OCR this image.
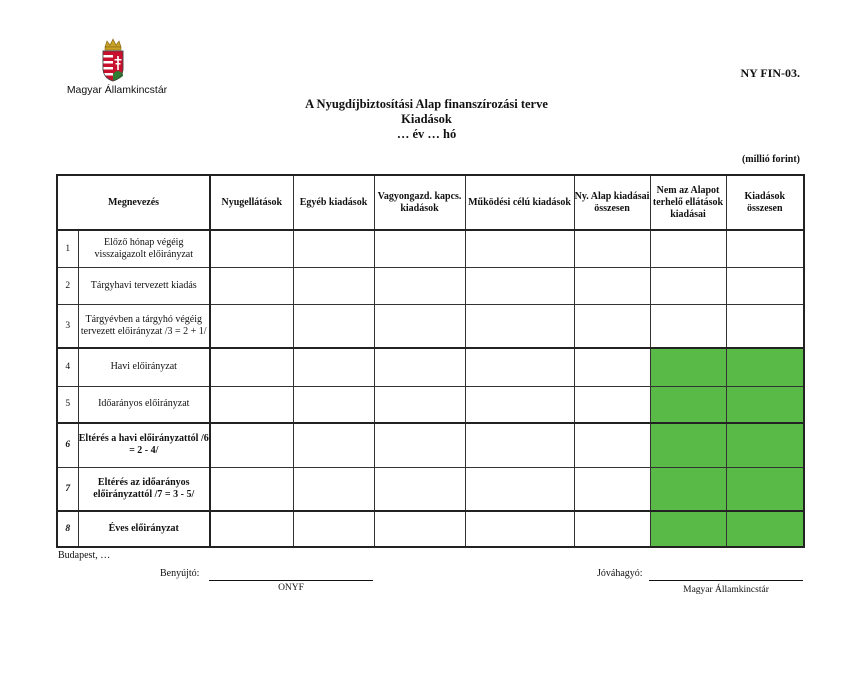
Magyar Államkincstár
NY FIN-03.
A Nyugdíjbiztosítási Alap finanszírozási terve
Kiadások
… év … hó
(millió forint)
Megnevezés		Nyugellátások	Egyéb kiadások	Vagyongazd. kapcs. kiadások	Működési célú kiadások	Ny. Alap kiadásai összesen	Nem az Alapot terhelő ellátások kiadásai	Kiadások összesen
1	Előző hónap végéig visszaigazolt előirányzat							
2	Tárgyhavi tervezett kiadás							
3	Tárgyévben a tárgyhó végéig tervezett előirányzat /3 = 2 + 1/							
4	Havi előirányzat							
5	Időarányos előirányzat							
6	Eltérés a havi előirányzattól /6 = 2 - 4/							
7	Eltérés az időarányos előirányzattól /7 = 3 - 5/							
8	Éves előirányzat							
Budapest, …
Benyújtó:
ONYF
Jóváhagyó:
Magyar Államkincstár
